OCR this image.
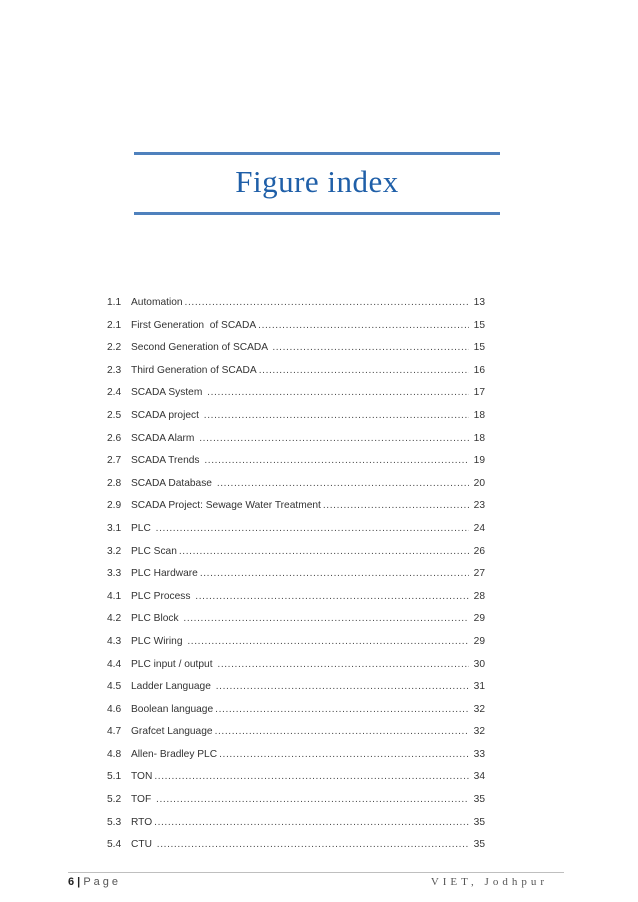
Figure index
1.1 Automation .....	13
2.1 First Generation  of SCADA .....	15
2.2 Second Generation of SCADA .....	15
2.3 Third Generation of SCADA .....	16
2.4 SCADA System .....	17
2.5 SCADA project .....	18
2.6 SCADA Alarm .....	18
2.7 SCADA Trends .....	19
2.8 SCADA Database .....	20
2.9 SCADA Project: Sewage Water Treatment .....	23
3.1 PLC .....	24
3.2 PLC Scan .....	26
3.3 PLC Hardware .....	27
4.1 PLC Process .....	28
4.2 PLC Block .....	29
4.3 PLC Wiring .....	29
4.4 PLC input / output .....	30
4.5 Ladder Language .....	31
4.6 Boolean language .....	32
4.7 Grafcet Language .....	32
4.8 Allen- Bradley PLC .....	33
5.1 TON .....	34
5.2 TOF .....	35
5.3 RTO .....	35
5.4 CTU .....	35
6 | Page	VIET, Jodhpur
